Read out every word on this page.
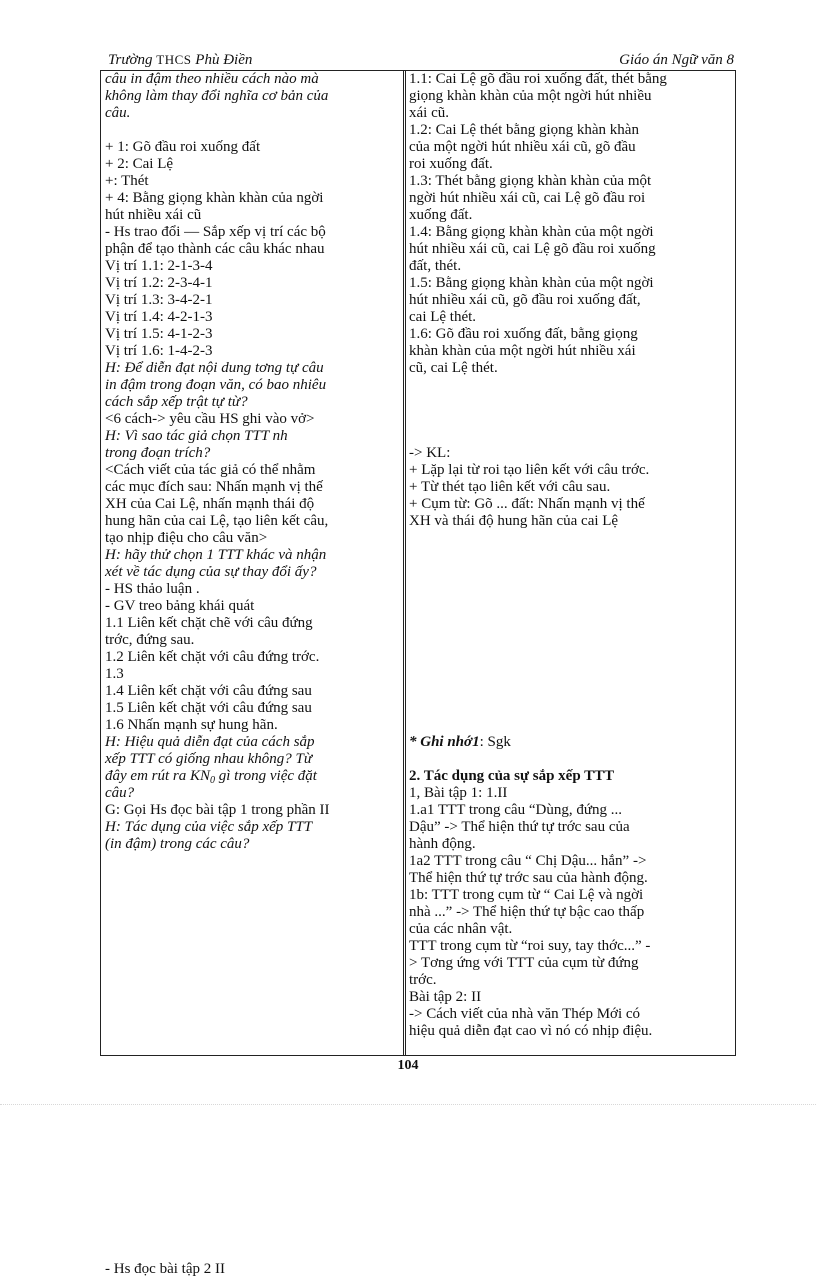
Trường THCS Phù Điền	Giáo án Ngữ văn 8
câu in đậm theo nhiều cách nào mà
không làm thay đổi nghĩa cơ bản của
câu.
+ 1: Gõ đầu roi xuống đất
+ 2: Cai Lệ
+: Thét
+ 4: Bằng giọng khàn khàn của ngời
hút nhiều xái cũ
- Hs trao đổi — Sắp xếp vị trí các bộ
phận để tạo thành các câu khác nhau
Vị trí 1.1: 2-1-3-4
Vị trí 1.2: 2-3-4-1
Vị trí 1.3: 3-4-2-1
Vị trí 1.4: 4-2-1-3
Vị trí 1.5: 4-1-2-3
Vị trí 1.6: 1-4-2-3
H: Để diễn đạt nội dung tơng tự câu
in đậm trong đoạn văn, có bao nhiêu
cách sắp xếp trật tự từ?
<6 cách-> yêu cầu HS ghi vào vở>
H: Vì sao tác giả chọn TTT nh
trong đoạn trích?
<Cách viết của tác giả có thể nhằm
các mục đích sau: Nhấn mạnh vị thế
XH của Cai Lệ, nhấn mạnh thái độ
hung hãn của cai Lệ, tạo liên kết câu,
tạo nhịp điệu cho câu văn>
H: hãy thử chọn 1 TTT khác và nhận
xét về tác dụng của sự thay đổi ấy?
- HS thảo luận .
- GV treo bảng khái quát
1.1 Liên kết chặt chẽ với câu đứng
trớc, đứng sau.
1.2 Liên kết chặt với câu đứng trớc.
1.3
1.4 Liên kết chặt với câu đứng sau
1.5 Liên kết chặt với câu đứng sau
1.6 Nhấn mạnh sự hung hãn.
H: Hiệu quả diễn đạt của cách sắp
xếp TTT có giống nhau không? Từ
đây em rút ra $KN_0$ gì trong việc đặt
câu?
G: Gọi Hs đọc bài tập 1 trong phần II
H: Tác dụng của việc sắp xếp TTT
(in đậm) trong các câu?
- Hs đọc bài tập 2 II
1.1: Cai Lệ gõ đầu roi xuống đất, thét bằng
giọng khàn khàn của một ngời hút nhiều
xái cũ.
1.2: Cai Lệ thét bằng giọng khàn khàn
của một ngời hút nhiều xái cũ, gõ đầu
roi xuống đất.
1.3: Thét bằng giọng khàn khàn của một
ngời hút nhiều xái cũ, cai Lệ gõ đầu roi
xuống đất.
1.4: Bằng giọng khàn khàn của một ngời
hút nhiều xái cũ, cai Lệ gõ đầu roi xuống
đất, thét.
1.5: Bằng giọng khàn khàn của một ngời
hút nhiều xái cũ, gõ đầu roi xuống đất,
cai Lệ thét.
1.6: Gõ đầu roi xuống đất, bằng giọng
khàn khàn của một ngời hút nhiều xái
cũ, cai Lệ thét.
-> KL:
+ Lặp lại từ roi tạo liên kết với câu trớc.
+ Từ thét tạo liên kết với câu sau.
+ Cụm từ: Gõ ... đất: Nhấn mạnh vị thế
XH và thái độ hung hãn của cai Lệ
* Ghi nhớ1: Sgk
2. Tác dụng của sự sắp xếp TTT
1, Bài tập 1: 1.II
1.a1 TTT trong câu “Dùng, đứng ...
Dậu” -> Thể hiện thứ tự trớc sau của
hành động.
1a2 TTT trong câu “ Chị Dậu... hắn” ->
Thể hiện thứ tự trớc sau của hành động.
1b: TTT trong cụm từ “ Cai Lệ và ngời
nhà ...” -> Thể hiện thứ tự bậc cao thấp
của các nhân vật.
TTT trong cụm từ “roi suy, tay thớc...” -
> Tơng ứng với TTT của cụm từ đứng
trớc.
Bài tập 2: II
-> Cách viết của nhà văn Thép Mới có
hiệu quả diễn đạt cao vì nó có nhịp điệu.
104
